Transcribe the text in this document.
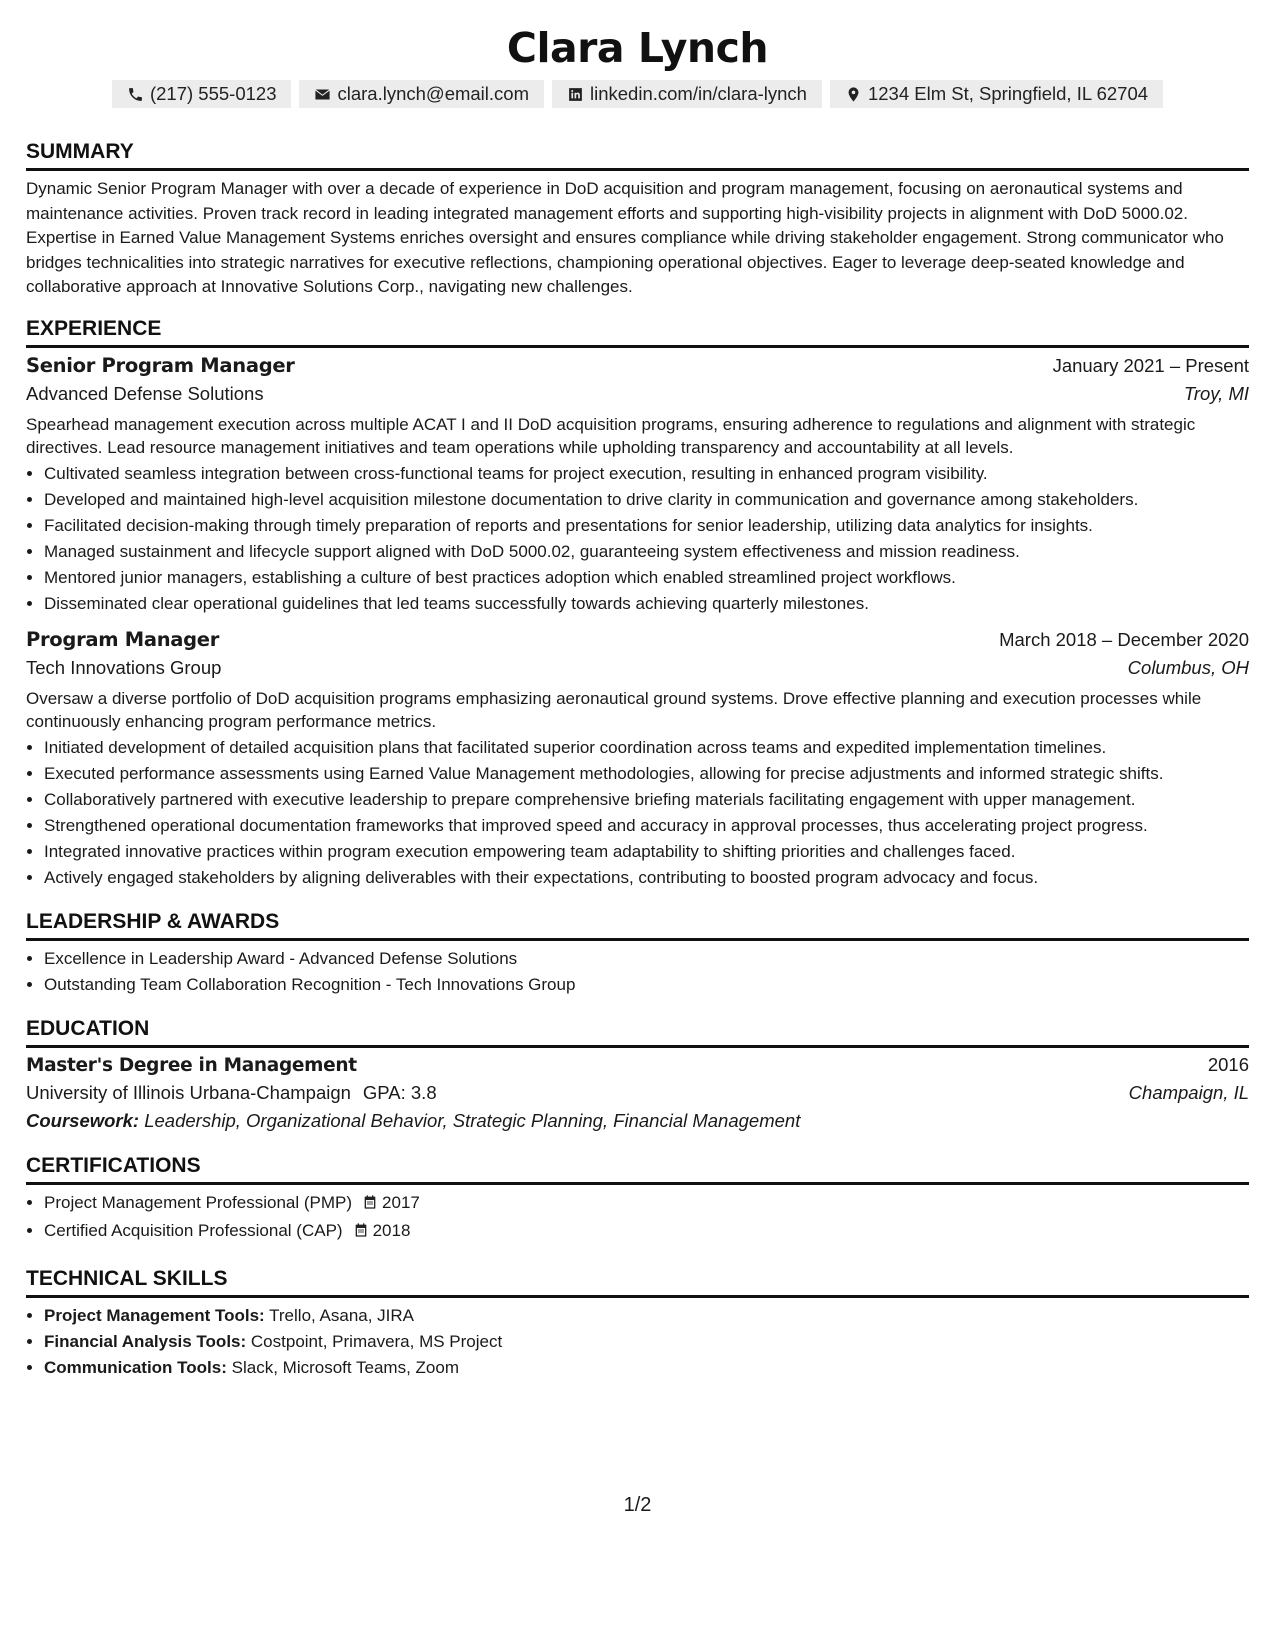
Clara Lynch
(217) 555-0123	clara.lynch@email.com	linkedin.com/in/clara-lynch	1234 Elm St, Springfield, IL 62704
SUMMARY

Dynamic Senior Program Manager with over a decade of experience in DoD acquisition and program management, focusing on aeronautical systems and maintenance activities. Proven track record in leading integrated management efforts and supporting high-visibility projects in alignment with DoD 5000.02. Expertise in Earned Value Management Systems enriches oversight and ensures compliance while driving stakeholder engagement. Strong communicator who bridges technicalities into strategic narratives for executive reflections, championing operational objectives. Eager to leverage deep-seated knowledge and collaborative approach at Innovative Solutions Corp., navigating new challenges.

EXPERIENCE
Senior Program Manager	January 2021 – Present
Advanced Defense Solutions	Troy, MI

Spearhead management execution across multiple ACAT I and II DoD acquisition programs, ensuring adherence to regulations and alignment with strategic directives. Lead resource management initiatives and team operations while upholding transparency and accountability at all levels.

• Cultivated seamless integration between cross-functional teams for project execution, resulting in enhanced program visibility.
• Developed and maintained high-level acquisition milestone documentation to drive clarity in communication and governance among stakeholders.
• Facilitated decision-making through timely preparation of reports and presentations for senior leadership, utilizing data analytics for insights.
• Managed sustainment and lifecycle support aligned with DoD 5000.02, guaranteeing system effectiveness and mission readiness.
• Mentored junior managers, establishing a culture of best practices adoption which enabled streamlined project workflows.
• Disseminated clear operational guidelines that led teams successfully towards achieving quarterly milestones.
Program Manager	March 2018 – December 2020
Tech Innovations Group	Columbus, OH

Oversaw a diverse portfolio of DoD acquisition programs emphasizing aeronautical ground systems. Drove effective planning and execution processes while continuously enhancing program performance metrics.

• Initiated development of detailed acquisition plans that facilitated superior coordination across teams and expedited implementation timelines.
• Executed performance assessments using Earned Value Management methodologies, allowing for precise adjustments and informed strategic shifts.
• Collaboratively partnered with executive leadership to prepare comprehensive briefing materials facilitating engagement with upper management.
• Strengthened operational documentation frameworks that improved speed and accuracy in approval processes, thus accelerating project progress.
• Integrated innovative practices within program execution empowering team adaptability to shifting priorities and challenges faced.
• Actively engaged stakeholders by aligning deliverables with their expectations, contributing to boosted program advocacy and focus.
LEADERSHIP & AWARDS
• Excellence in Leadership Award - Advanced Defense Solutions
• Outstanding Team Collaboration Recognition - Tech Innovations Group
EDUCATION
Master's Degree in Management	2016
University of Illinois Urbana-Champaign GPA: 3.8	Champaign, IL
Coursework: Leadership, Organizational Behavior, Strategic Planning, Financial Management
CERTIFICATIONS
• Project Management Professional (PMP) 2017
• Certified Acquisition Professional (CAP) 2018
TECHNICAL SKILLS
• Project Management Tools: Trello, Asana, JIRA
• Financial Analysis Tools: Costpoint, Primavera, MS Project
• Communication Tools: Slack, Microsoft Teams, Zoom
1/2
